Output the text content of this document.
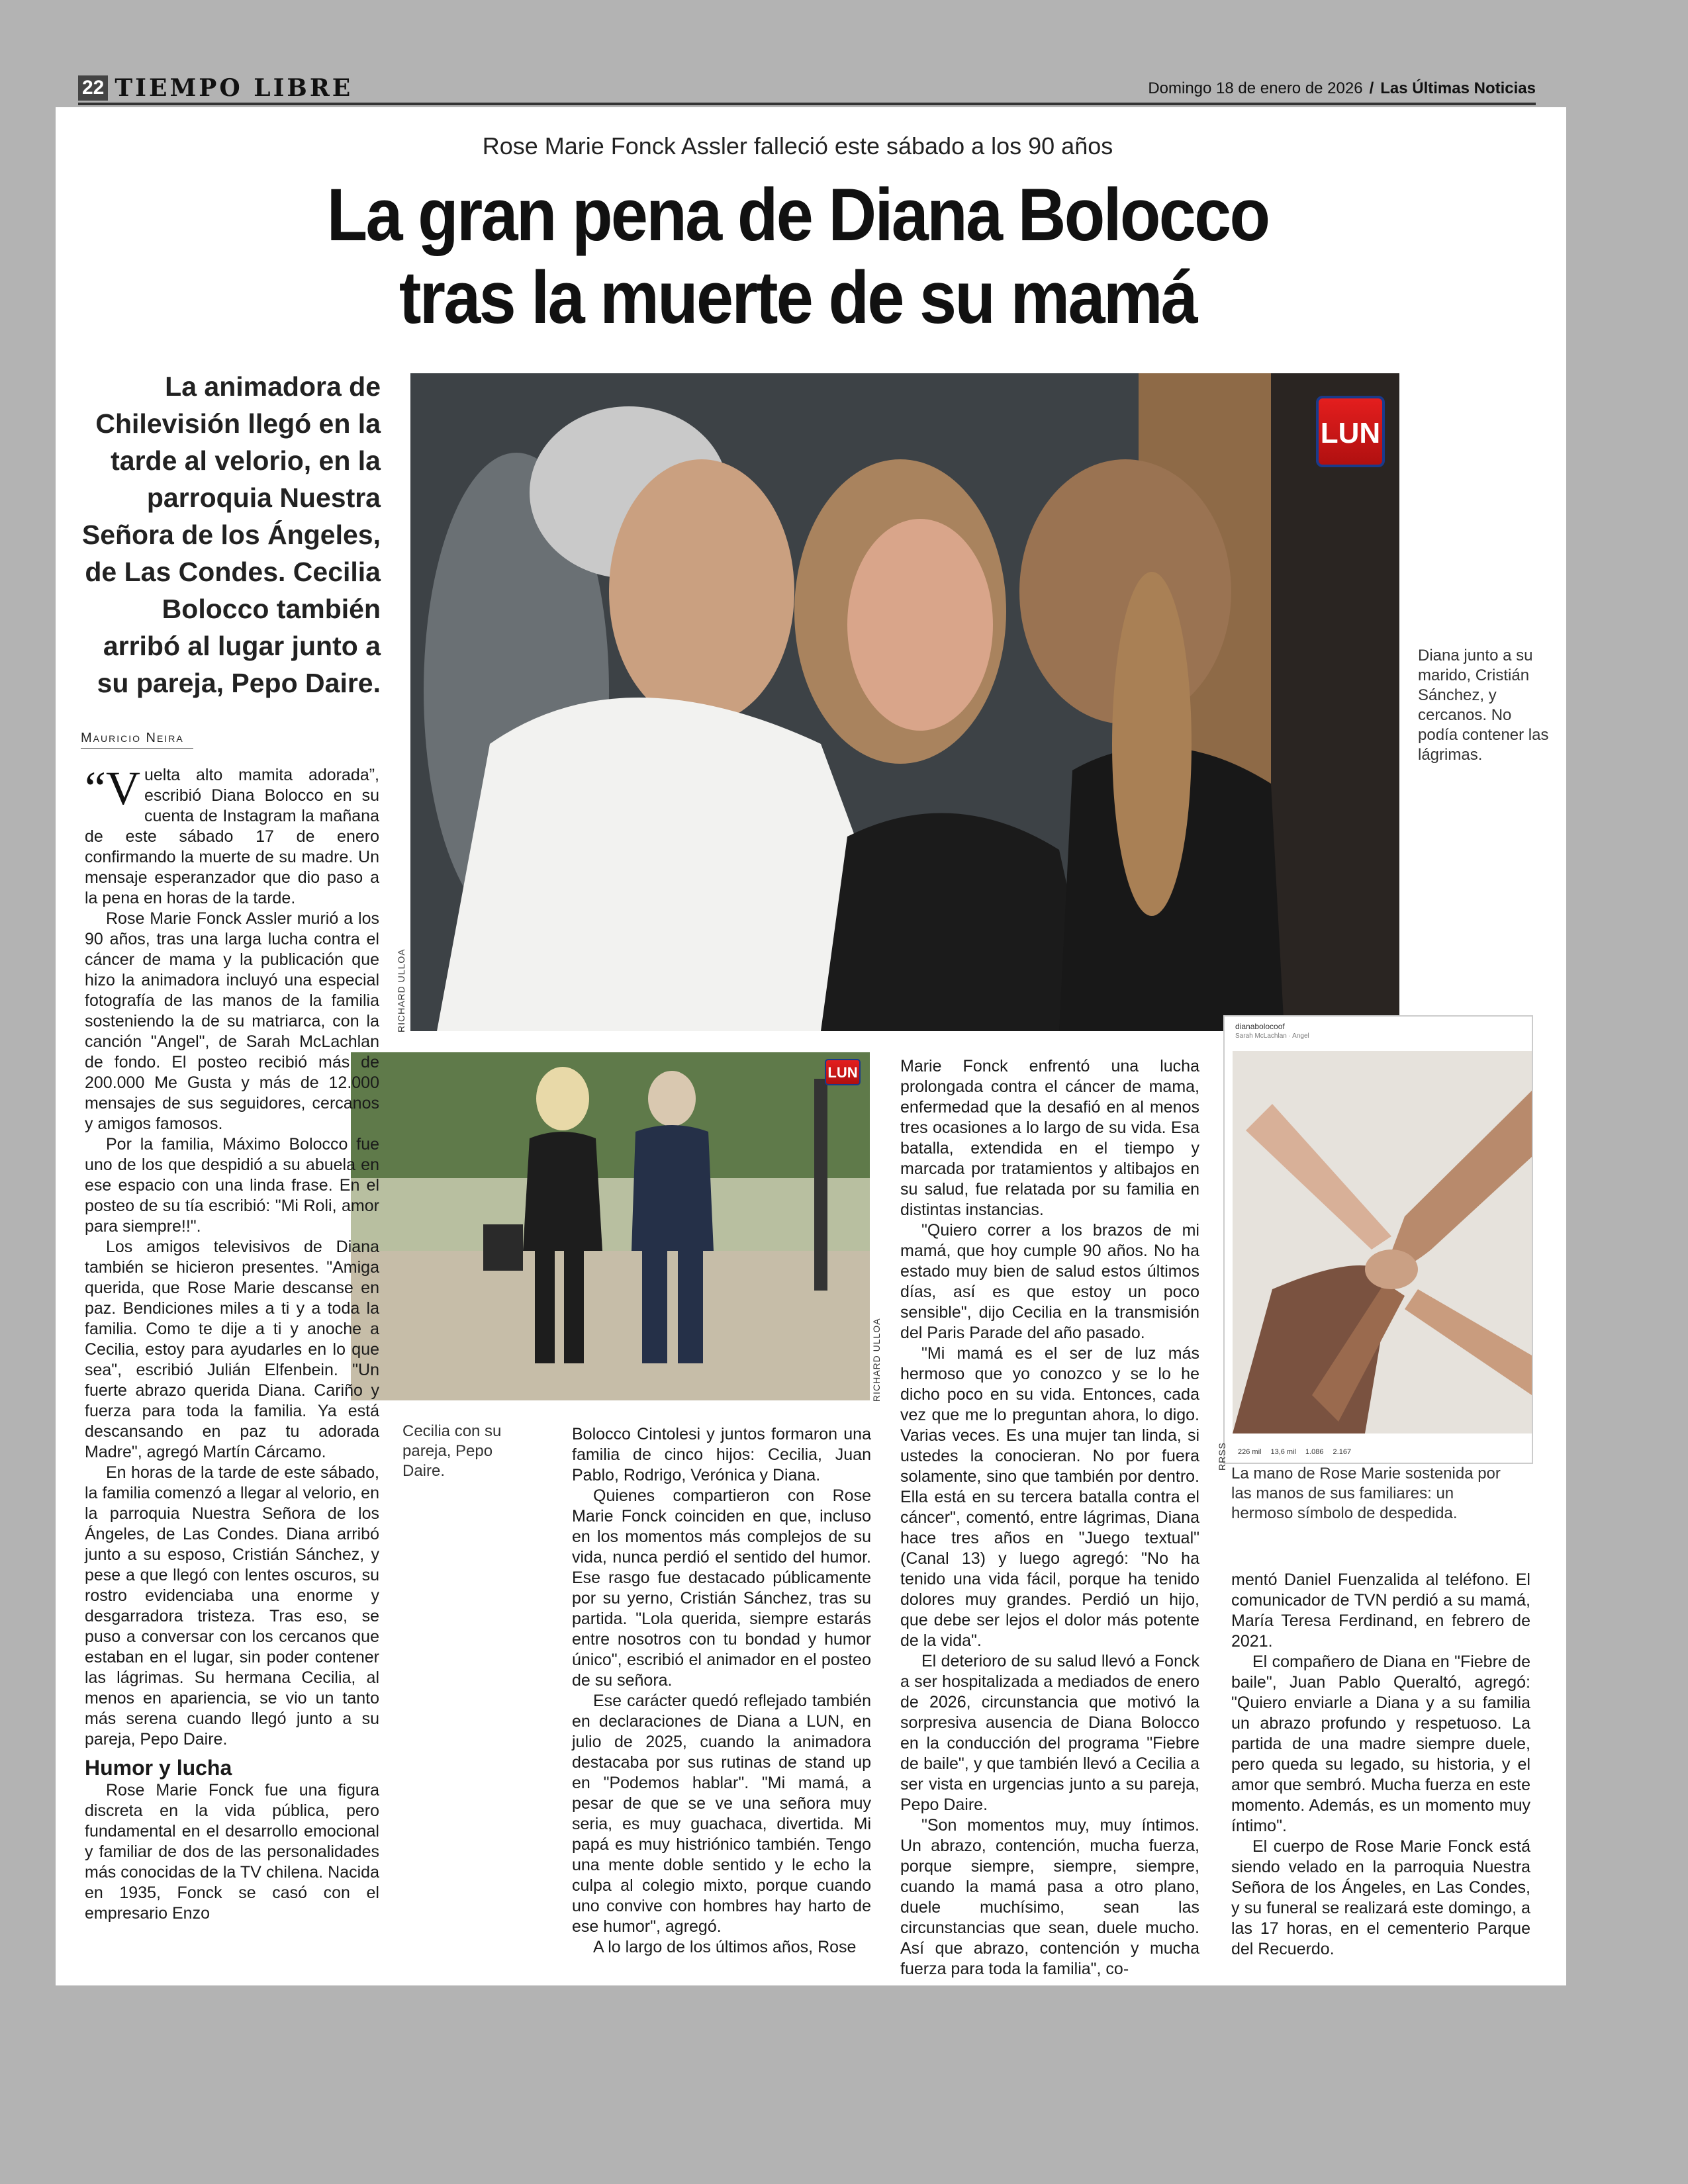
22 TIEMPO LIBRE	Domingo 18 de enero de 2026 / Las Últimas Noticias
Rose Marie Fonck Assler falleció este sábado a los 90 años
La gran pena de Diana Bolocco
tras la muerte de su mamá
La animadora de Chilevisión llegó en la tarde al velorio, en la parroquia Nuestra Señora de los Ángeles, de Las Condes. Cecilia Bolocco también arribó al lugar junto a su pareja, Pepo Daire.
Mauricio Neira
LUN
RICHARD ULLOA
Diana junto a su marido, Cristián Sánchez, y cercanos. No podía contener las lágrimas.
LUN
RICHARD ULLOA
Cecilia con su pareja, Pepo Daire.
dianabolocoof
Sarah McLachlan · Angel
226 mil 13,6 mil 1.086 2.167
RRSS
La mano de Rose Marie sostenida por las manos de sus familiares: un hermoso símbolo de despedida.

“Vuelta alto mamita adorada”, escribió Diana Bolocco en su cuenta de Instagram la mañana de este sábado 17 de enero confirmando la muerte de su madre. Un mensaje esperanzador que dio paso a la pena en horas de la tarde.

Rose Marie Fonck Assler murió a los 90 años, tras una larga lucha contra el cáncer de mama y la publicación que hizo la animadora incluyó una especial fotografía de las manos de la familia sosteniendo la de su matriarca, con la canción "Angel", de Sarah McLachlan de fondo. El posteo recibió más de 200.000 Me Gusta y más de 12.000 mensajes de sus seguidores, cercanos y amigos famosos.

Por la familia, Máximo Bolocco fue uno de los que despidió a su abuela en ese espacio con una linda frase. En el posteo de su tía escribió: "Mi Roli, amor para siempre!!".

Los amigos televisivos de Diana también se hicieron presentes. "Amiga querida, que Rose Marie descanse en paz. Bendiciones miles a ti y a toda la familia. Como te dije a ti y anoche a Cecilia, estoy para ayudarles en lo que sea", escribió Julián Elfenbein. "Un fuerte abrazo querida Diana. Cariño y fuerza para toda la familia. Ya está descansando en paz tu adorada Madre", agregó Martín Cárcamo.

En horas de la tarde de este sábado, la familia comenzó a llegar al velorio, en la parroquia Nuestra Señora de los Ángeles, de Las Condes. Diana arribó junto a su esposo, Cristián Sánchez, y pese a que llegó con lentes oscuros, su rostro evidenciaba una enorme y desgarradora tristeza. Tras eso, se puso a conversar con los cercanos que estaban en el lugar, sin poder contener las lágrimas. Su hermana Cecilia, al menos en apariencia, se vio un tanto más serena cuando llegó junto a su pareja, Pepo Daire.

Humor y lucha

Rose Marie Fonck fue una figura discreta en la vida pública, pero fundamental en el desarrollo emocional y familiar de dos de las personalidades más conocidas de la TV chilena. Nacida en 1935, Fonck se casó con el empresario Enzo

Bolocco Cintolesi y juntos formaron una familia de cinco hijos: Cecilia, Juan Pablo, Rodrigo, Verónica y Diana.

Quienes compartieron con Rose Marie Fonck coinciden en que, incluso en los momentos más complejos de su vida, nunca perdió el sentido del humor. Ese rasgo fue destacado públicamente por su yerno, Cristián Sánchez, tras su partida. "Lola querida, siempre estarás entre nosotros con tu bondad y humor único", escribió el animador en el posteo de su señora.

Ese carácter quedó reflejado también en declaraciones de Diana a LUN, en julio de 2025, cuando la animadora destacaba por sus rutinas de stand up en "Podemos hablar". "Mi mamá, a pesar de que se ve una señora muy seria, es muy guachaca, divertida. Mi papá es muy histriónico también. Tengo una mente doble sentido y le echo la culpa al colegio mixto, porque cuando uno convive con hombres hay harto de ese humor", agregó.

A lo largo de los últimos años, Rose

Marie Fonck enfrentó una lucha prolongada contra el cáncer de mama, enfermedad que la desafió en al menos tres ocasiones a lo largo de su vida. Esa batalla, extendida en el tiempo y marcada por tratamientos y altibajos en su salud, fue relatada por su familia en distintas instancias.

"Quiero correr a los brazos de mi mamá, que hoy cumple 90 años. No ha estado muy bien de salud estos últimos días, así es que estoy un poco sensible", dijo Cecilia en la transmisión del Paris Parade del año pasado.

"Mi mamá es el ser de luz más hermoso que yo conozco y se lo he dicho poco en su vida. Entonces, cada vez que me lo preguntan ahora, lo digo. Varias veces. Es una mujer tan linda, si ustedes la conocieran. No por fuera solamente, sino que también por dentro. Ella está en su tercera batalla contra el cáncer", comentó, entre lágrimas, Diana hace tres años en "Juego textual" (Canal 13) y luego agregó: "No ha tenido una vida fácil, porque ha tenido dolores muy grandes. Perdió un hijo, que debe ser lejos el dolor más potente de la vida".

El deterioro de su salud llevó a Fonck a ser hospitalizada a mediados de enero de 2026, circunstancia que motivó la sorpresiva ausencia de Diana Bolocco en la conducción del programa "Fiebre de baile", y que también llevó a Cecilia a ser vista en urgencias junto a su pareja, Pepo Daire.

"Son momentos muy, muy íntimos. Un abrazo, contención, mucha fuerza, porque siempre, siempre, siempre, cuando la mamá pasa a otro plano, duele muchísimo, sean las circunstancias que sean, duele mucho. Así que abrazo, contención y mucha fuerza para toda la familia", co-

mentó Daniel Fuenzalida al teléfono. El comunicador de TVN perdió a su mamá, María Teresa Ferdinand, en febrero de 2021.

El compañero de Diana en "Fiebre de baile", Juan Pablo Queraltó, agregó: "Quiero enviarle a Diana y a su familia un abrazo profundo y respetuoso. La partida de una madre siempre duele, pero queda su legado, su historia, y el amor que sembró. Mucha fuerza en este momento. Además, es un momento muy íntimo".

El cuerpo de Rose Marie Fonck está siendo velado en la parroquia Nuestra Señora de los Ángeles, en Las Condes, y su funeral se realizará este domingo, a las 17 horas, en el cementerio Parque del Recuerdo.
